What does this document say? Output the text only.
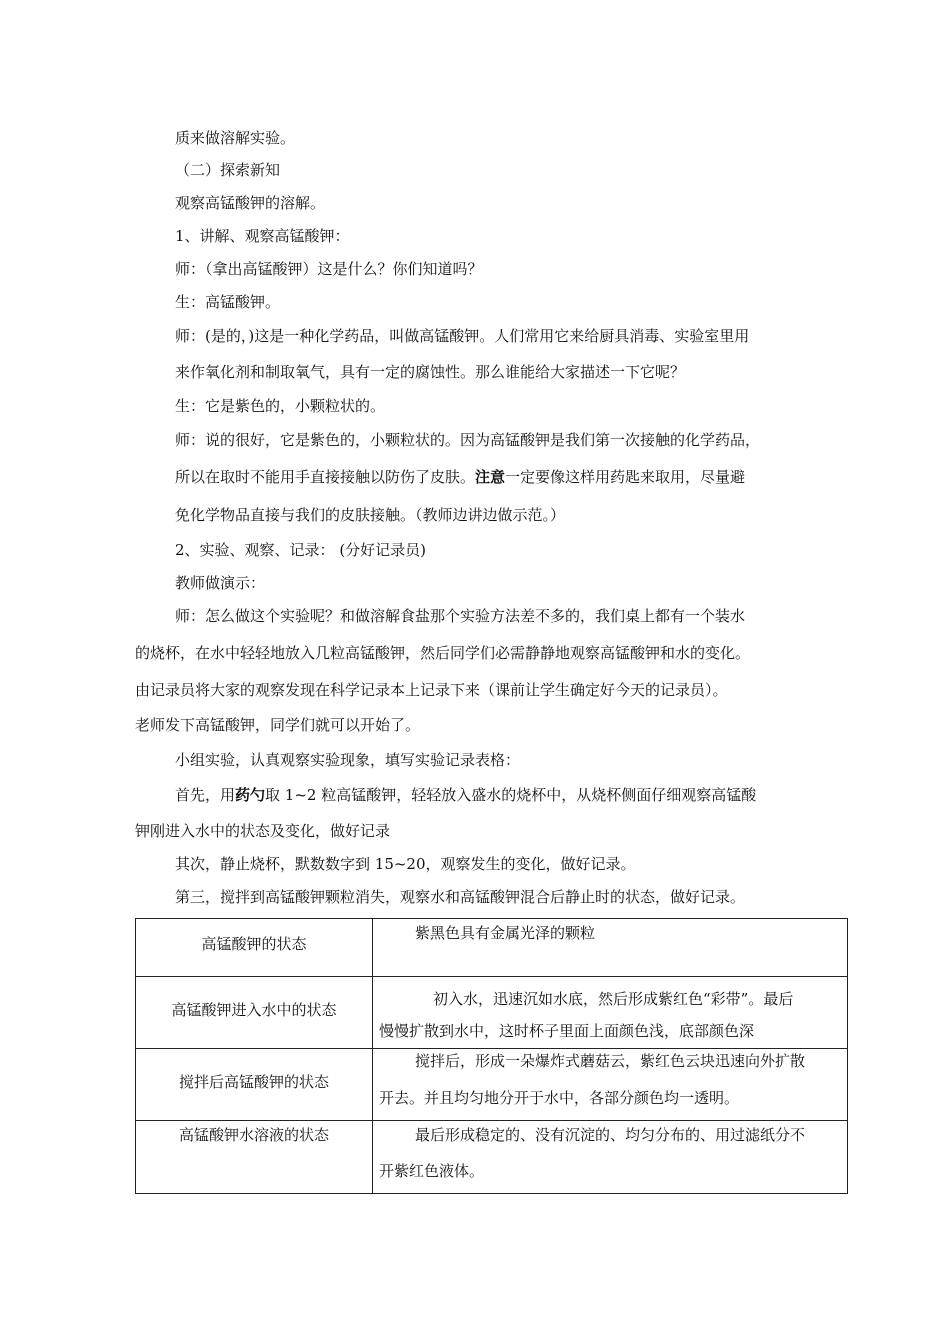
质来做溶解实验。
（二）探索新知
观察高锰酸钾的溶解。
1、讲解、观察高锰酸钾：
师：（拿出高锰酸钾）这是什么？你们知道吗？
生：高锰酸钾。
师：(是的，)这是一种化学药品，叫做高锰酸钾。人们常用它来给厨具消毒、实验室里用
来作氧化剂和制取氧气，具有一定的腐蚀性。那么谁能给大家描述一下它呢？
生：它是紫色的，小颗粒状的。
师：说的很好，它是紫色的，小颗粒状的。因为高锰酸钾是我们第一次接触的化学药品，
所以在取时不能用手直接接触以防伤了皮肤。注意一定要像这样用药匙来取用，尽量避
免化学物品直接与我们的皮肤接触。（教师边讲边做示范。）
2、实验、观察、记录： (分好记录员)
教师做演示：
师：怎么做这个实验呢？和做溶解食盐那个实验方法差不多的，我们桌上都有一个装水
的烧杯，在水中轻轻地放入几粒高锰酸钾，然后同学们必需静静地观察高锰酸钾和水的变化。
由记录员将大家的观察发现在科学记录本上记录下来（课前让学生确定好今天的记录员）。
老师发下高锰酸钾，同学们就可以开始了。
小组实验，认真观察实验现象，填写实验记录表格：
首先，用药勺取 1~2 粒高锰酸钾，轻轻放入盛水的烧杯中，从烧杯侧面仔细观察高锰酸
钾刚进入水中的状态及变化，做好记录
其次，静止烧杯，默数数字到 15~20，观察发生的变化，做好记录。
第三，搅拌到高锰酸钾颗粒消失，观察水和高锰酸钾混合后静止时的状态，做好记录。
高锰酸钾的状态	紫黑色具有金属光泽的颗粒

高锰酸钾进入水中的状态	初入水，迅速沉如水底，然后形成紫红色“彩带”。最后
慢慢扩散到水中，这时杯子里面上面颜色浅，底部颜色深

搅拌后高锰酸钾的状态	搅拌后，形成一朵爆炸式蘑菇云，紫红色云块迅速向外扩散
开去。并且均匀地分开于水中，各部分颜色均一透明。

高锰酸钾水溶液的状态	最后形成稳定的、没有沉淀的、均匀分布的、用过滤纸分不
开紫红色液体。
